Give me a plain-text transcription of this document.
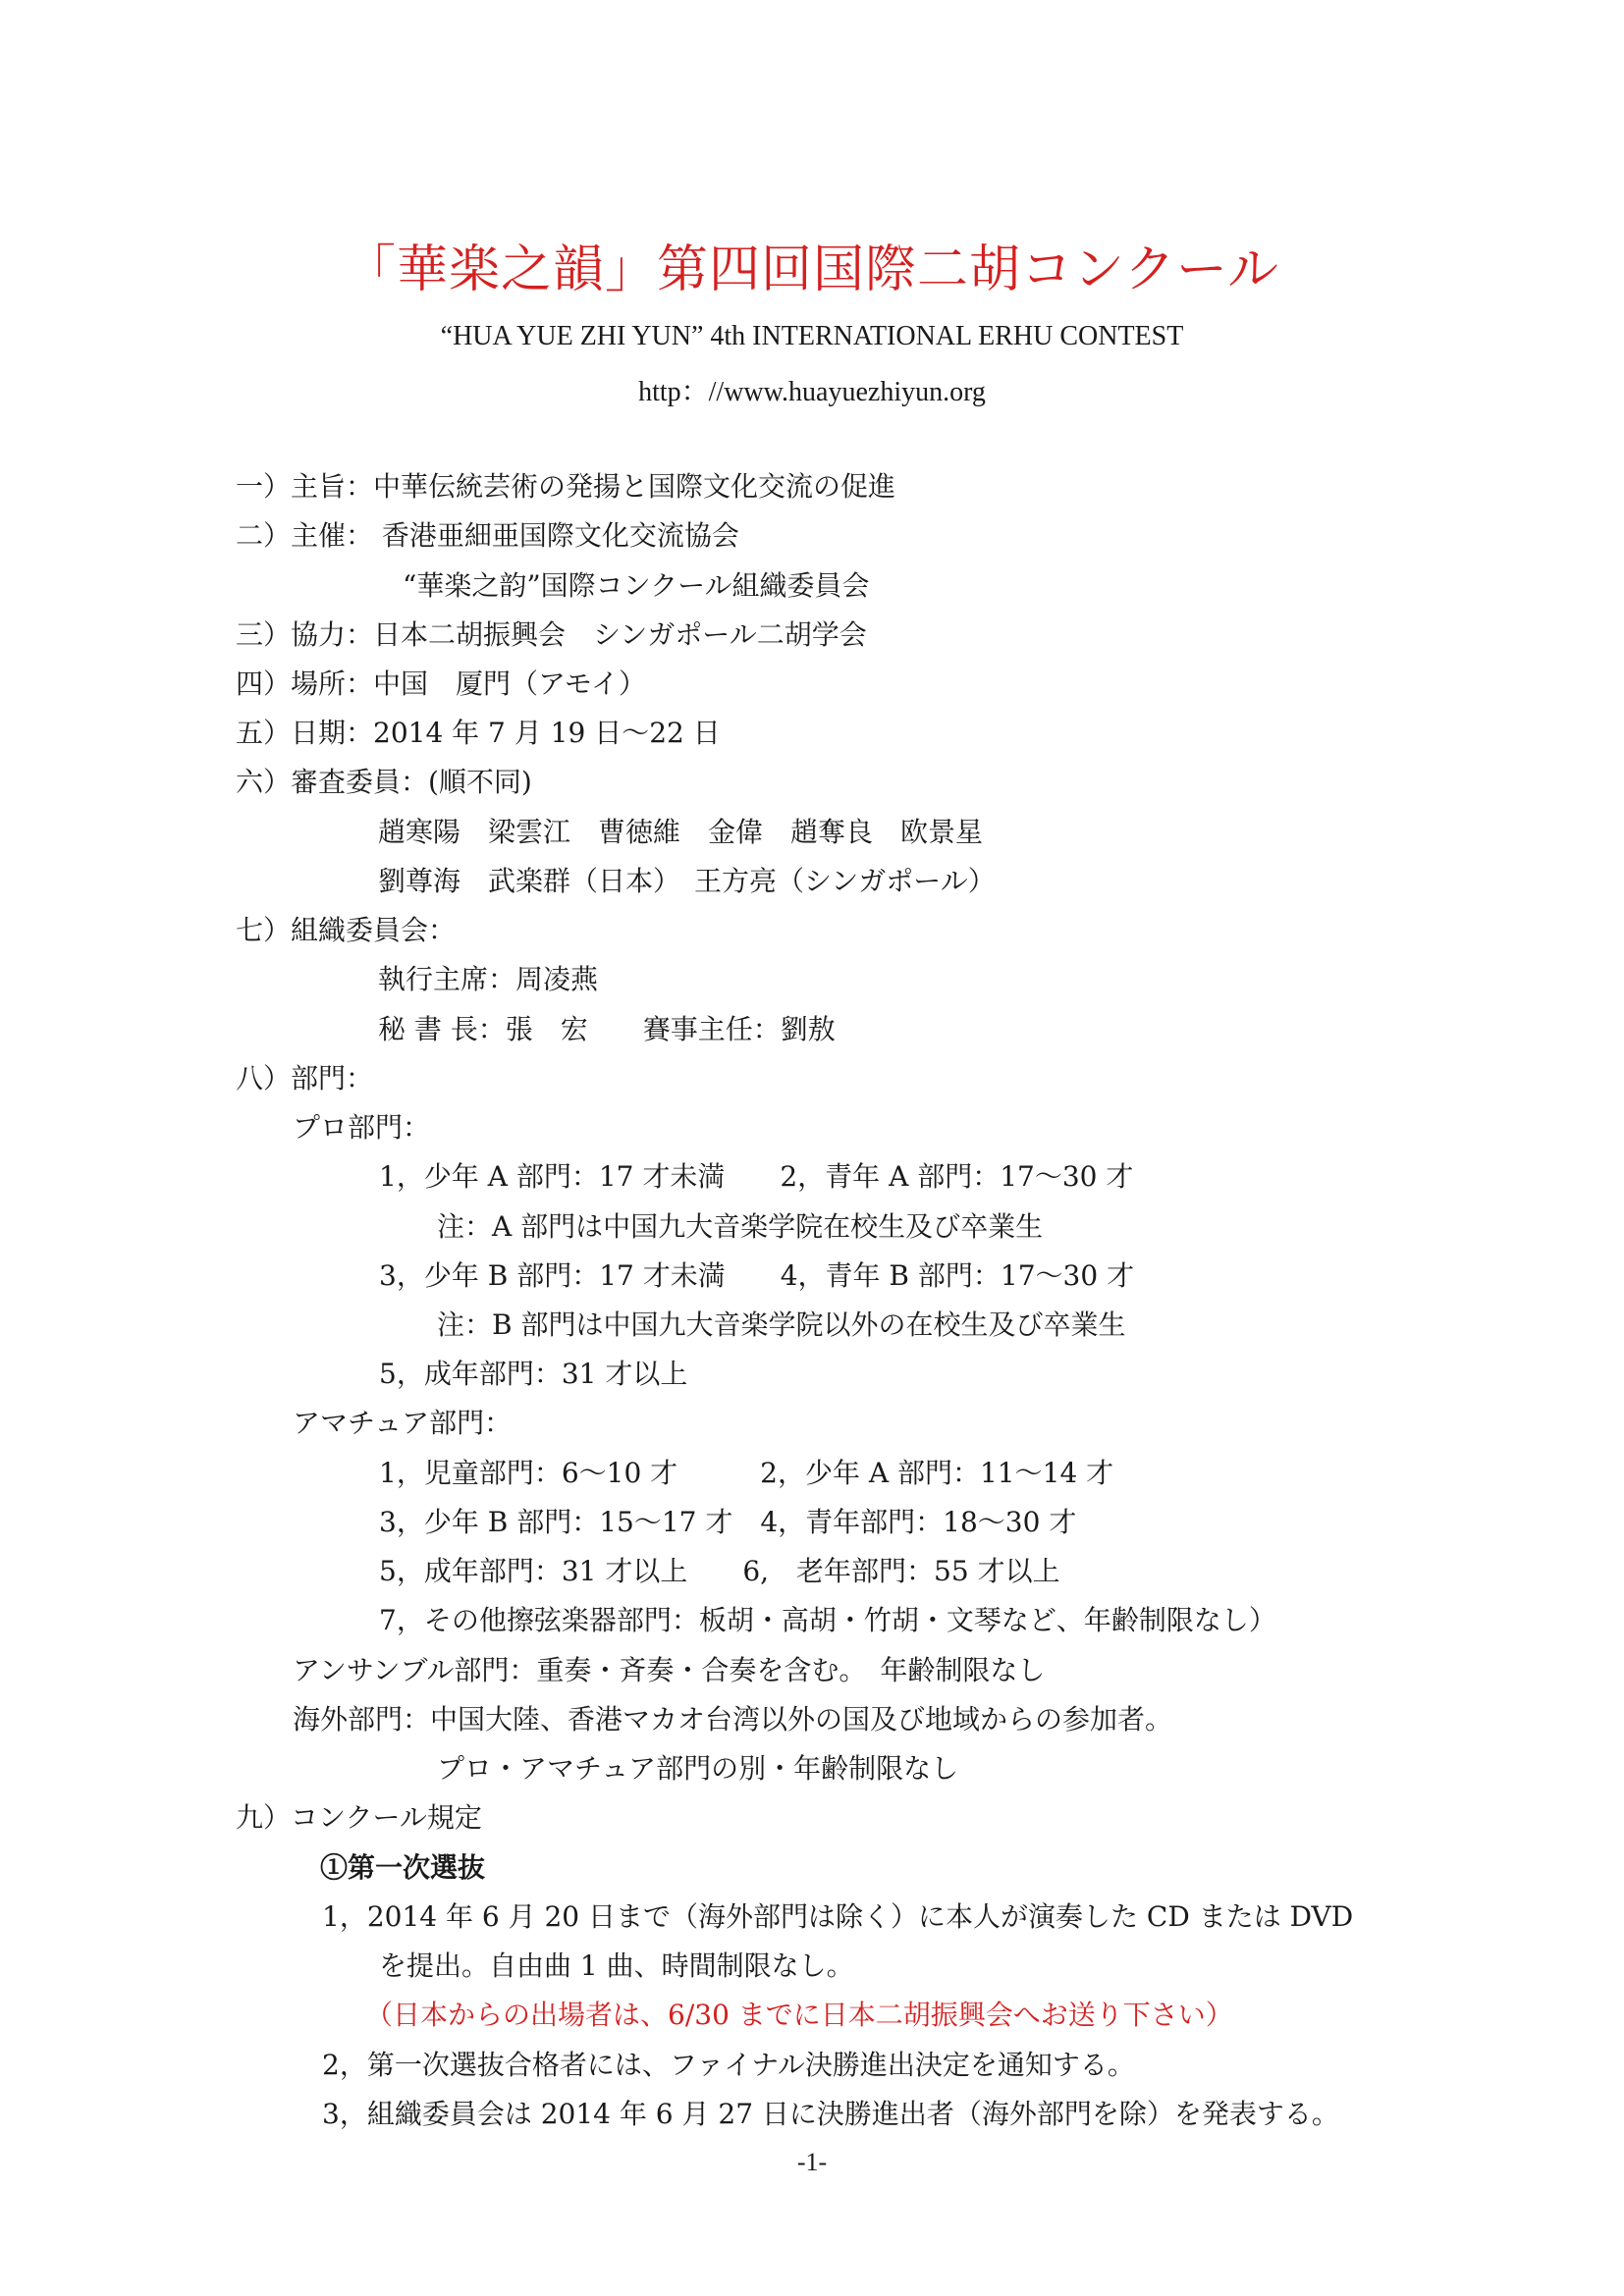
「華楽之韻」第四回国際二胡コンクール
“HUA YUE ZHI YUN” 4th INTERNATIONAL ERHU CONTEST
http：//www.huayuezhiyun.org
一）主旨：中華伝統芸術の発揚と国際文化交流の促進
二）主催： 香港亜細亜国際文化交流協会
“華楽之韵”国際コンクール組織委員会
三）協力：日本二胡振興会　シンガポール二胡学会
四）場所：中国　厦門（アモイ）
五）日期：2014 年 7 月 19 日～22 日
六）審査委員：(順不同)
趙寒陽　梁雲江　曹徳維　金偉　趙奪良　欧景星
劉尊海　武楽群（日本）　王方亮（シンガポール）
七）組織委員会：
執行主席：周凌燕
秘 書 長：張　宏　　賽事主任：劉敖
八）部門：
プロ部門：
1，少年 A 部門：17 才未満　　2，青年 A 部門：17～30 才
注：A 部門は中国九大音楽学院在校生及び卒業生
3，少年 B 部門：17 才未満　　4，青年 B 部門：17～30 才
注：B 部門は中国九大音楽学院以外の在校生及び卒業生
5，成年部門：31 才以上
アマチュア部門：
1，児童部門：6～10 才　　　2，少年 A 部門：11～14 才
3，少年 B 部門：15～17 才　4，青年部門：18～30 才
5，成年部門：31 才以上　　6,　老年部門：55 才以上
7，その他擦弦楽器部門：板胡・高胡・竹胡・文琴など、年齢制限なし）
アンサンブル部門：重奏・斉奏・合奏を含む。　年齢制限なし
海外部門：中国大陸、香港マカオ台湾以外の国及び地域からの参加者。
プロ・アマチュア部門の別・年齢制限なし
九）コンクール規定
①第一次選抜
1，2014 年 6 月 20 日まで（海外部門は除く）に本人が演奏した CD または DVD
を提出。自由曲 1 曲、時間制限なし。
（日本からの出場者は、6/30 までに日本二胡振興会へお送り下さい）
2，第一次選抜合格者には、ファイナル決勝進出決定を通知する。
3，組織委員会は 2014 年 6 月 27 日に決勝進出者（海外部門を除）を発表する。
-1-
